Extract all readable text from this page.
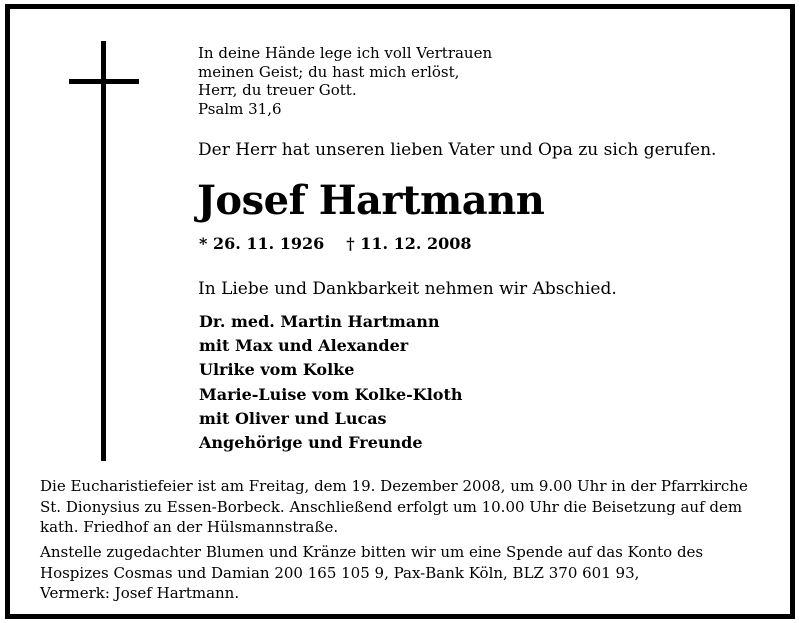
In deine Hände lege ich voll Vertrauen
meinen Geist; du hast mich erlöst,
Herr, du treuer Gott.
Psalm 31,6
Der Herr hat unseren lieben Vater und Opa zu sich gerufen.
Josef Hartmann
* 26. 11. 1926 † 11. 12. 2008
In Liebe und Dankbarkeit nehmen wir Abschied.
Dr. med. Martin Hartmann
mit Max und Alexander
Ulrike vom Kolke
Marie-Luise vom Kolke-Kloth
mit Oliver und Lucas
Angehörige und Freunde
Die Eucharistiefeier ist am Freitag, dem 19. Dezember 2008, um 9.00 Uhr in der Pfarrkirche
St. Dionysius zu Essen-Borbeck. Anschließend erfolgt um 10.00 Uhr die Beisetzung auf dem
kath. Friedhof an der Hülsmannstraße.
Anstelle zugedachter Blumen und Kränze bitten wir um eine Spende auf das Konto des
Hospizes Cosmas und Damian 200 165 105 9, Pax-Bank Köln, BLZ 370 601 93,
Vermerk: Josef Hartmann.
